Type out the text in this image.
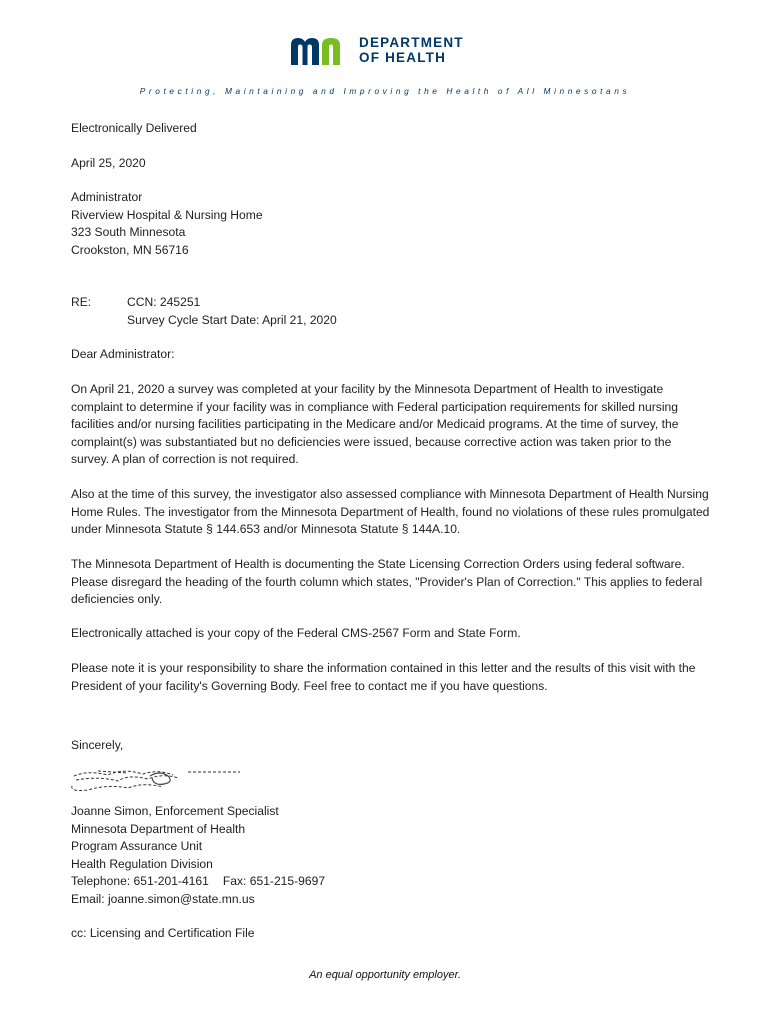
DEPARTMENT
OF HEALTH
Protecting, Maintaining and Improving the Health of All Minnesotans
Electronically Delivered
April 25, 2020
Administrator
Riverview Hospital & Nursing Home
323 South Minnesota
Crookston, MN 56716
RE:	CCN: 245251
Survey Cycle Start Date: April 21, 2020
Dear Administrator:

On April 21, 2020 a survey was completed at your facility by the Minnesota Department of Health to investigate complaint to determine if your facility was in compliance with Federal participation requirements for skilled nursing facilities and/or nursing facilities participating in the Medicare and/or Medicaid programs. At the time of survey, the complaint(s) was substantiated but no deficiencies were issued, because corrective action was taken prior to the survey. A plan of correction is not required.

Also at the time of this survey, the investigator also assessed compliance with Minnesota Department of Health Nursing Home Rules. The investigator from the Minnesota Department of Health, found no violations of these rules promulgated under Minnesota Statute § 144.653 and/or Minnesota Statute § 144A.10.

The Minnesota Department of Health is documenting the State Licensing Correction Orders using federal software. Please disregard the heading of the fourth column which states, "Provider's Plan of Correction." This applies to federal deficiencies only.

Electronically attached is your copy of the Federal CMS-2567 Form and State Form.

Please note it is your responsibility to share the information contained in this letter and the results of this visit with the President of your facility's Governing Body. Feel free to contact me if you have questions.

Sincerely,
Joanne Simon, Enforcement Specialist
Minnesota Department of Health
Program Assurance Unit
Health Regulation Division
Telephone: 651-201-4161 Fax: 651-215-9697
Email: joanne.simon@state.mn.us
cc: Licensing and Certification File
An equal opportunity employer.
